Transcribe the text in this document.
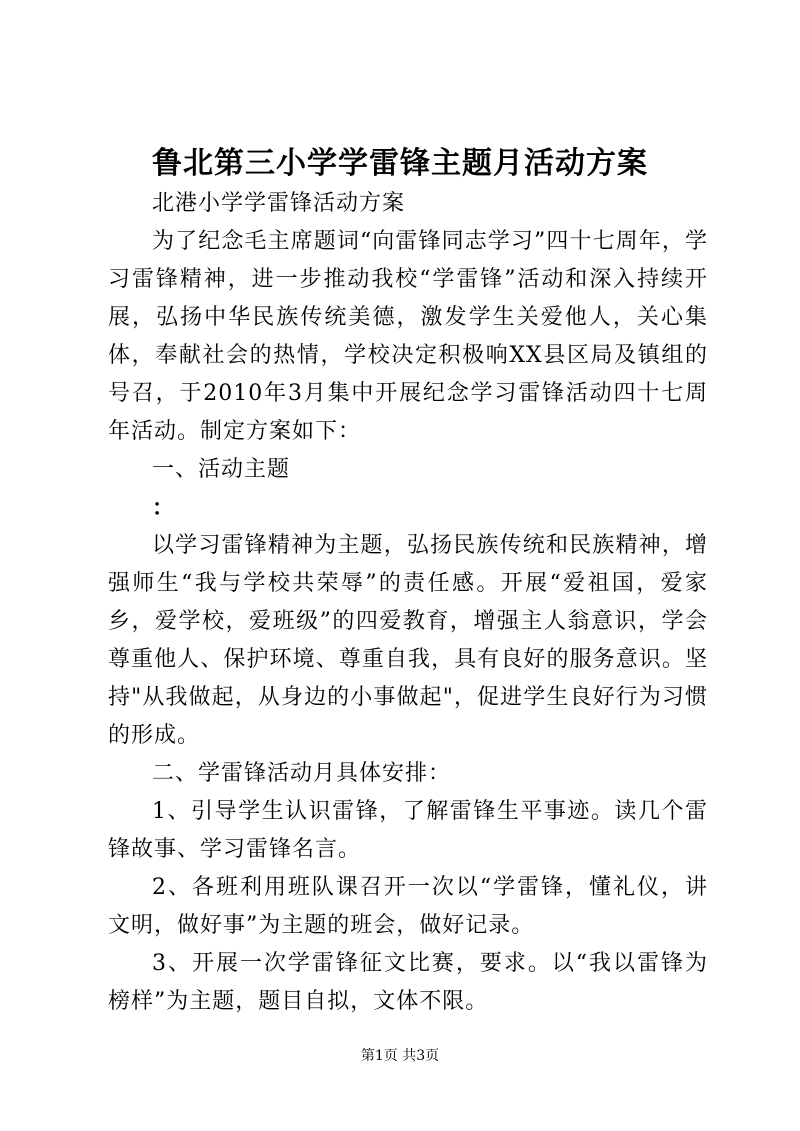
鲁北第三小学学雷锋主题月活动方案

北港小学学雷锋活动方案

为了纪念毛主席题词“向雷锋同志学习”四十七周年，学习雷锋精神，进一步推动我校“学雷锋”活动和深入持续开展，弘扬中华民族传统美德，激发学生关爱他人，关心集体，奉献社会的热情，学校决定积极响XX县区局及镇组的号召，于2010年3月集中开展纪念学习雷锋活动四十七周年活动。制定方案如下：

一、活动主题

：

以学习雷锋精神为主题，弘扬民族传统和民族精神，增强师生“我与学校共荣辱”的责任感。开展“爱祖国，爱家乡，爱学校，爱班级”的四爱教育，增强主人翁意识，学会尊重他人、保护环境、尊重自我，具有良好的服务意识。坚持"从我做起，从身边的小事做起"，促进学生良好行为习惯的形成。

二、学雷锋活动月具体安排：

1、引导学生认识雷锋，了解雷锋生平事迹。读几个雷锋故事、学习雷锋名言。

2、各班利用班队课召开一次以“学雷锋，懂礼仪，讲文明，做好事”为主题的班会，做好记录。

3、开展一次学雷锋征文比赛，要求。以“我以雷锋为榜样”为主题，题目自拟，文体不限。

第1页 共3页
